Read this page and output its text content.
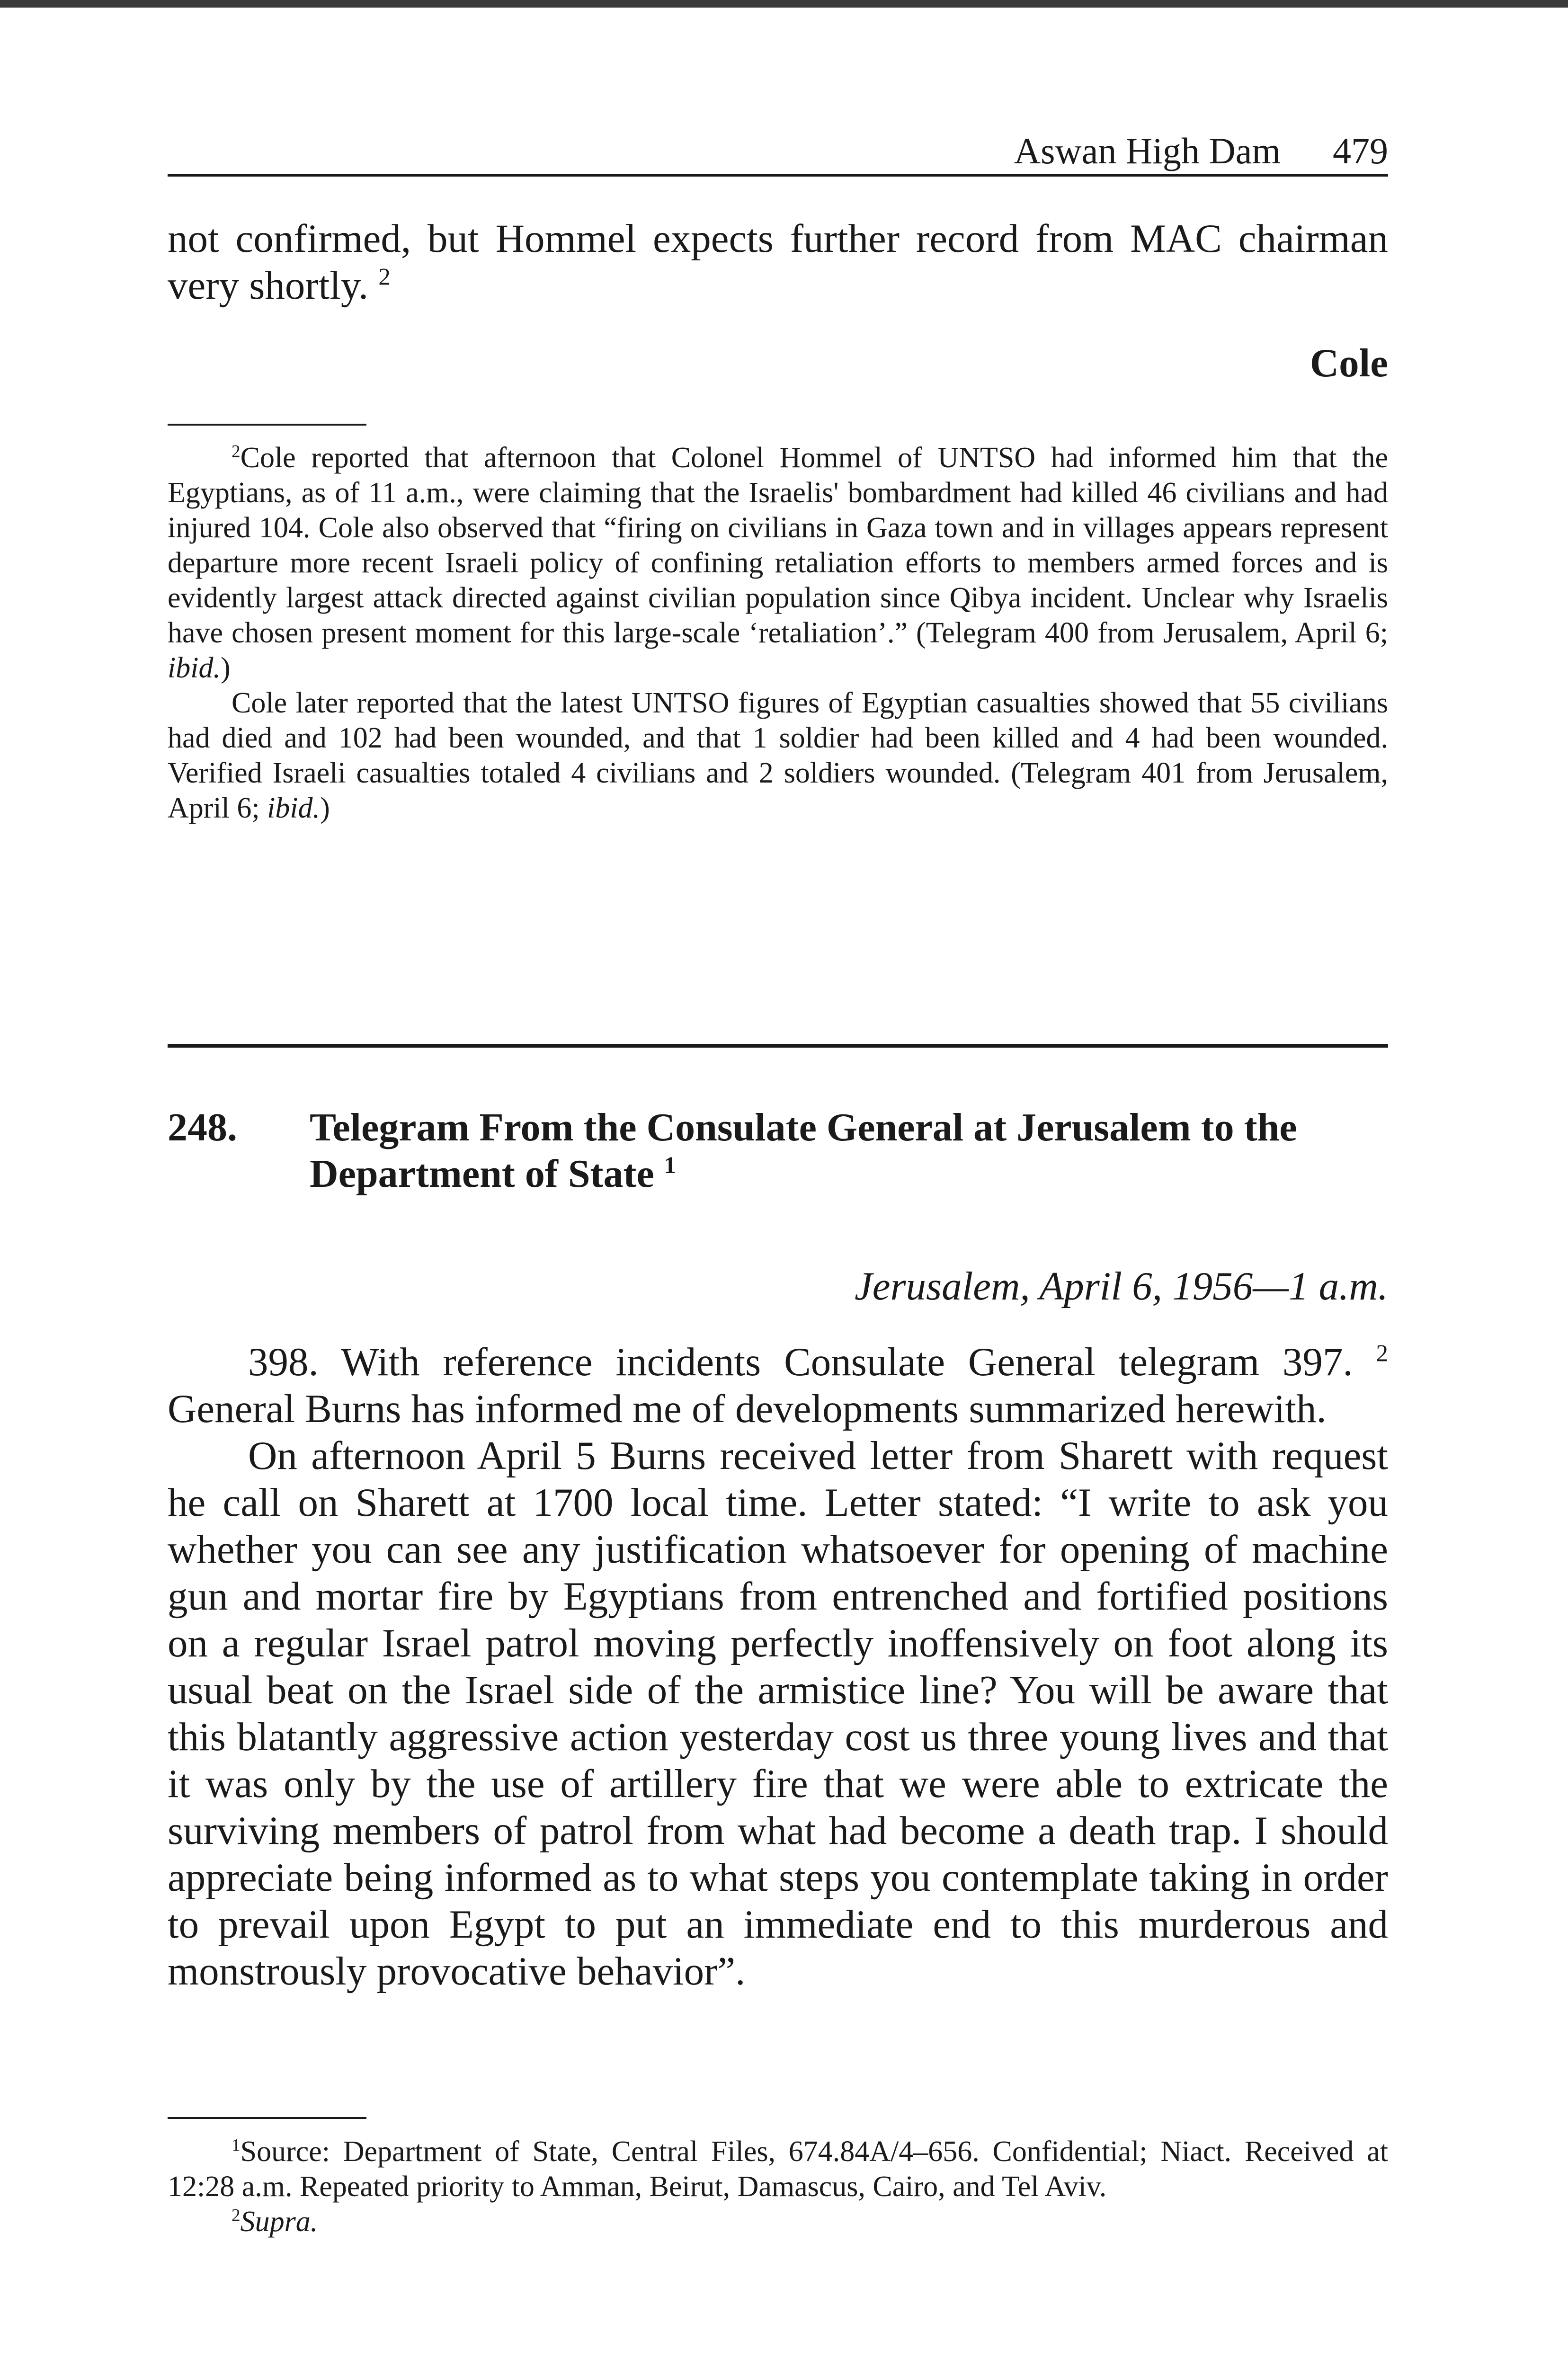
Aswan High Dam 479

not confirmed, but Hommel expects further record from MAC chairman very shortly. $^2$

Cole

$^2$Cole reported that afternoon that Colonel Hommel of UNTSO had informed him that the Egyptians, as of 11 a.m., were claiming that the Israelis' bombardment had killed 46 civilians and had injured 104. Cole also observed that “firing on civilians in Gaza town and in villages appears represent departure more recent Israeli policy of confining retaliation efforts to members armed forces and is evidently largest attack directed against civilian population since Qibya incident. Unclear why Israelis have chosen present moment for this large-scale ‘retaliation’.” (Telegram 400 from Jerusalem, April 6; ibid.)

Cole later reported that the latest UNTSO figures of Egyptian casualties showed that 55 civilians had died and 102 had been wounded, and that 1 soldier had been killed and 4 had been wounded. Verified Israeli casualties totaled 4 civilians and 2 soldiers wounded. (Telegram 401 from Jerusalem, April 6; ibid.)

248. Telegram From the Consulate General at Jerusalem to the Department of State $^1$
Jerusalem, April 6, 1956—1 a.m.

398. With reference incidents Consulate General telegram 397. $^2$ General Burns has informed me of developments summarized herewith.

On afternoon April 5 Burns received letter from Sharett with request he call on Sharett at 1700 local time. Letter stated: “I write to ask you whether you can see any justification whatsoever for opening of machine gun and mortar fire by Egyptians from entrenched and fortified positions on a regular Israel patrol moving perfectly inoffensively on foot along its usual beat on the Israel side of the armistice line? You will be aware that this blatantly aggressive action yesterday cost us three young lives and that it was only by the use of artillery fire that we were able to extricate the surviving members of patrol from what had become a death trap. I should appreciate being informed as to what steps you contemplate taking in order to prevail upon Egypt to put an immediate end to this murderous and monstrously provocative behavior”.

$^1$Source: Department of State, Central Files, 674.84A/4–656. Confidential; Niact. Received at 12:28 a.m. Repeated priority to Amman, Beirut, Damascus, Cairo, and Tel Aviv.

$^2$Supra.
